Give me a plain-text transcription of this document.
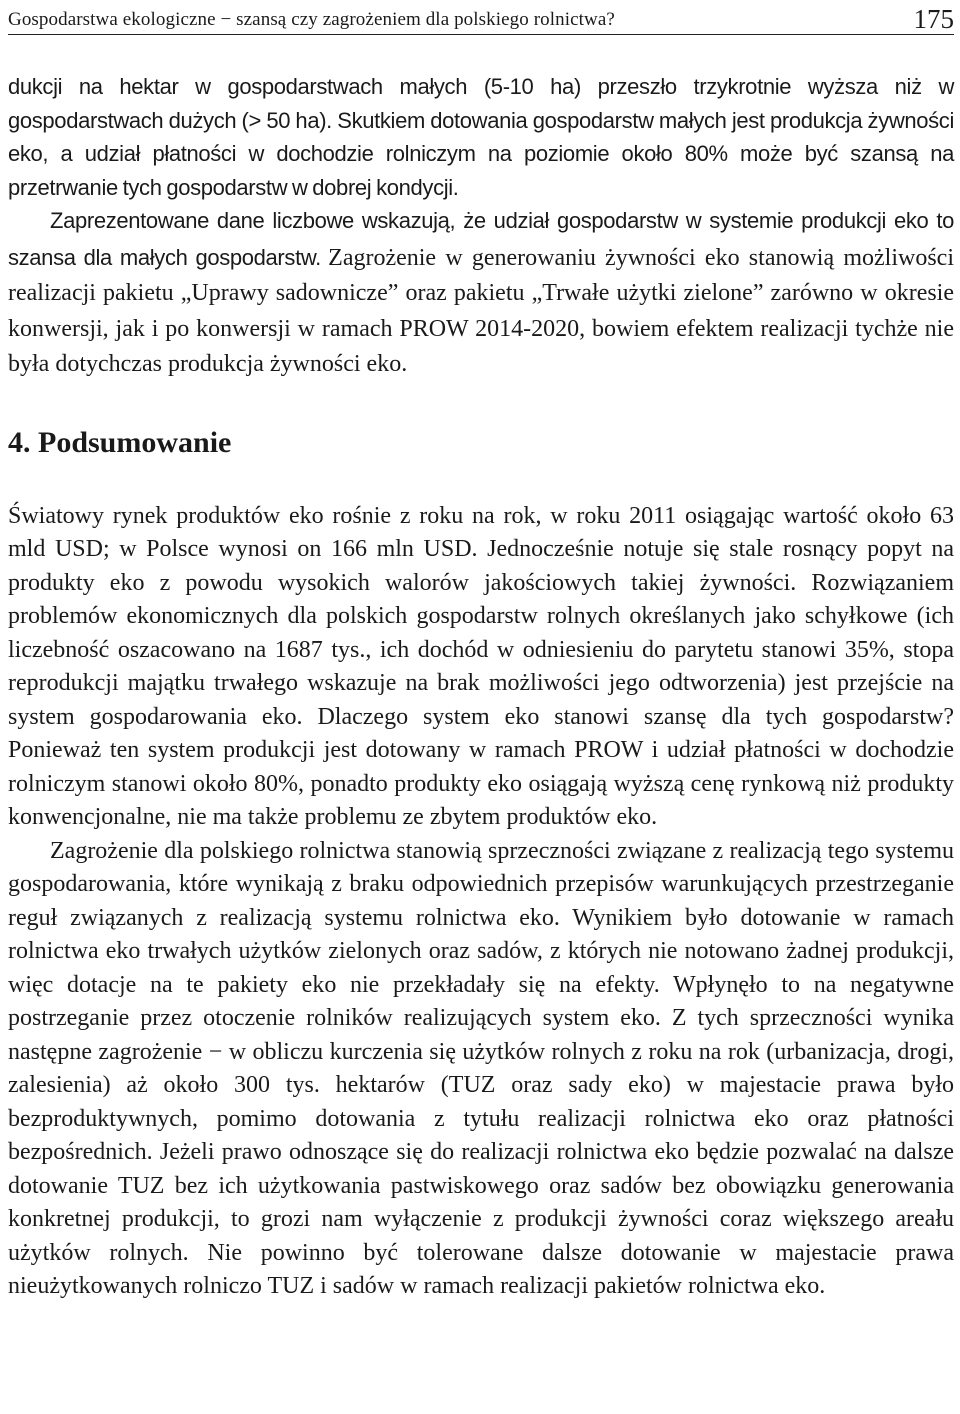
Gospodarstwa ekologiczne − szansą czy zagrożeniem dla polskiego rolnictwa?	175

dukcji na hektar w gospodarstwach małych (5-10 ha) przeszło trzykrotnie wyższa niż w gospodarstwach dużych (> 50 ha). Skutkiem dotowania gospodarstw małych jest produkcja żywności eko, a udział płatności w dochodzie rolniczym na poziomie około 80% może być szansą na przetrwanie tych gospodarstw w dobrej kondycji.

Zaprezentowane dane liczbowe wskazują, że udział gospodarstw w systemie produkcji eko to szansa dla małych gospodarstw. Zagrożenie w generowaniu żywności eko stanowią możliwości realizacji pakietu „Uprawy sadownicze” oraz pakietu „Trwałe użytki zielone” zarówno w okresie konwersji, jak i po konwersji w ramach PROW 2014-2020, bowiem efektem realizacji tychże nie była dotychczas produkcja żywności eko.

4. Podsumowanie

Światowy rynek produktów eko rośnie z roku na rok, w roku 2011 osiągając wartość około 63 mld USD; w Polsce wynosi on 166 mln USD. Jednocześnie notuje się stale rosnący popyt na produkty eko z powodu wysokich walorów jakościowych takiej żywności. Rozwiązaniem problemów ekonomicznych dla polskich gospodarstw rolnych określanych jako schyłkowe (ich liczebność oszacowano na 1687 tys., ich dochód w odniesieniu do parytetu stanowi 35%, stopa reprodukcji majątku trwałego wskazuje na brak możliwości jego odtworzenia) jest przejście na system gospodarowania eko. Dlaczego system eko stanowi szansę dla tych gospodarstw? Ponieważ ten system produkcji jest dotowany w ramach PROW i udział płatności w dochodzie rolniczym stanowi około 80%, ponadto produkty eko osiągają wyższą cenę rynkową niż produkty konwencjonalne, nie ma także problemu ze zbytem produktów eko.

Zagrożenie dla polskiego rolnictwa stanowią sprzeczności związane z realizacją tego systemu gospodarowania, które wynikają z braku odpowiednich przepisów warunkujących przestrzeganie reguł związanych z realizacją systemu rolnictwa eko. Wynikiem było dotowanie w ramach rolnictwa eko trwałych użytków zielonych oraz sadów, z których nie notowano żadnej produkcji, więc dotacje na te pakiety eko nie przekładały się na efekty. Wpłynęło to na negatywne postrzeganie przez otoczenie rolników realizujących system eko. Z tych sprzeczności wynika następne zagrożenie − w obliczu kurczenia się użytków rolnych z roku na rok (urbanizacja, drogi, zalesienia) aż około 300 tys. hektarów (TUZ oraz sady eko) w majestacie prawa było bezproduktywnych, pomimo dotowania z tytułu realizacji rolnictwa eko oraz płatności bezpośrednich. Jeżeli prawo odnoszące się do realizacji rolnictwa eko będzie pozwalać na dalsze dotowanie TUZ bez ich użytkowania pastwiskowego oraz sadów bez obowiązku generowania konkretnej produkcji, to grozi nam wyłączenie z produkcji żywności coraz większego areału użytków rolnych. Nie powinno być tolerowane dalsze dotowanie w majestacie prawa nieużytkowanych rolniczo TUZ i sadów w ramach realizacji pakietów rolnictwa eko.
